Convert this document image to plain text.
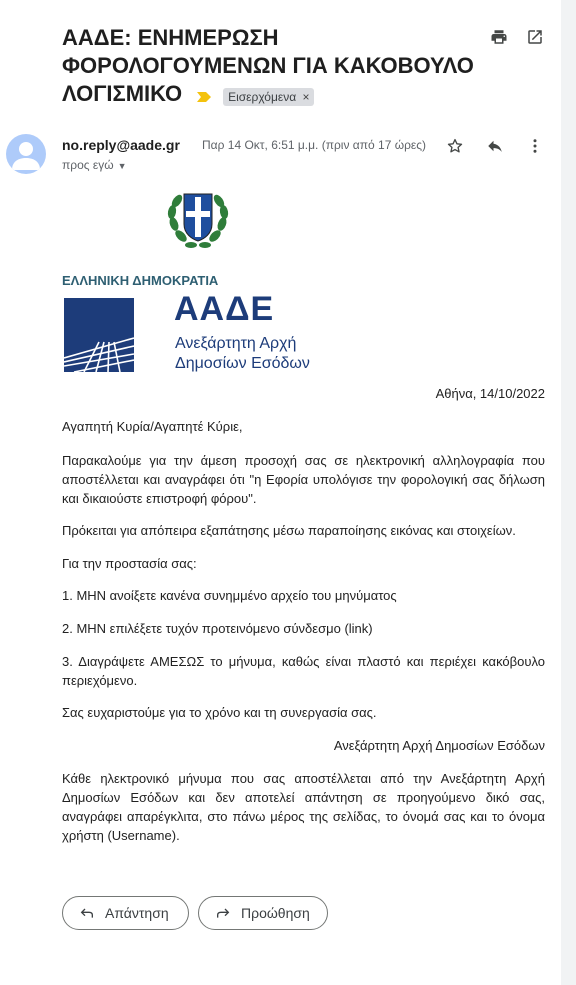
ΑΑΔΕ: ΕΝΗΜΕΡΩΣΗ ΦΟΡΟΛΟΓΟΥΜΕΝΩΝ ΓΙΑ ΚΑΚΟΒΟΥΛΟ ΛΟΓΙΣΜΙΚΟ	Εισερχόμενα ×
no.reply@aade.gr Παρ 14 Οκτ, 6:51 μ.μ. (πριν από 17 ώρες)
προς εγώ ▼
ΕΛΛΗΝΙΚΗ ΔΗΜΟΚΡΑΤΙΑ
ΑΑΔΕ
Ανεξάρτητη Αρχή
Δημοσίων Εσόδων

Αθήνα, 14/10/2022

Αγαπητή Κυρία/Αγαπητέ Κύριε,

Παρακαλούμε για την άμεση προσοχή σας σε ηλεκτρονική αλληλογραφία που αποστέλλεται και αναγράφει ότι "η Εφορία υπολόγισε την φορολογική σας δήλωση και δικαιούστε επιστροφή φόρου".

Πρόκειται για απόπειρα εξαπάτησης μέσω παραποίησης εικόνας και στοιχείων.

Για την προστασία σας:

1. ΜΗΝ ανοίξετε κανένα συνημμένο αρχείο του μηνύματος

2. ΜΗΝ επιλέξετε τυχόν προτεινόμενο σύνδεσμο (link)

3. Διαγράψετε ΑΜΕΣΩΣ το μήνυμα, καθώς είναι πλαστό και περιέχει κακόβουλο περιεχόμενο.

Σας ευχαριστούμε για το χρόνο και τη συνεργασία σας.

Ανεξάρτητη Αρχή Δημοσίων Εσόδων

Κάθε ηλεκτρονικό μήνυμα που σας αποστέλλεται από την Ανεξάρτητη Αρχή Δημοσίων Εσόδων και δεν αποτελεί απάντηση σε προηγούμενο δικό σας, αναγράφει απαρέγκλιτα, στο πάνω μέρος της σελίδας, το όνομά σας και το όνομα χρήστη (Username).

Απάντηση	Προώθηση
